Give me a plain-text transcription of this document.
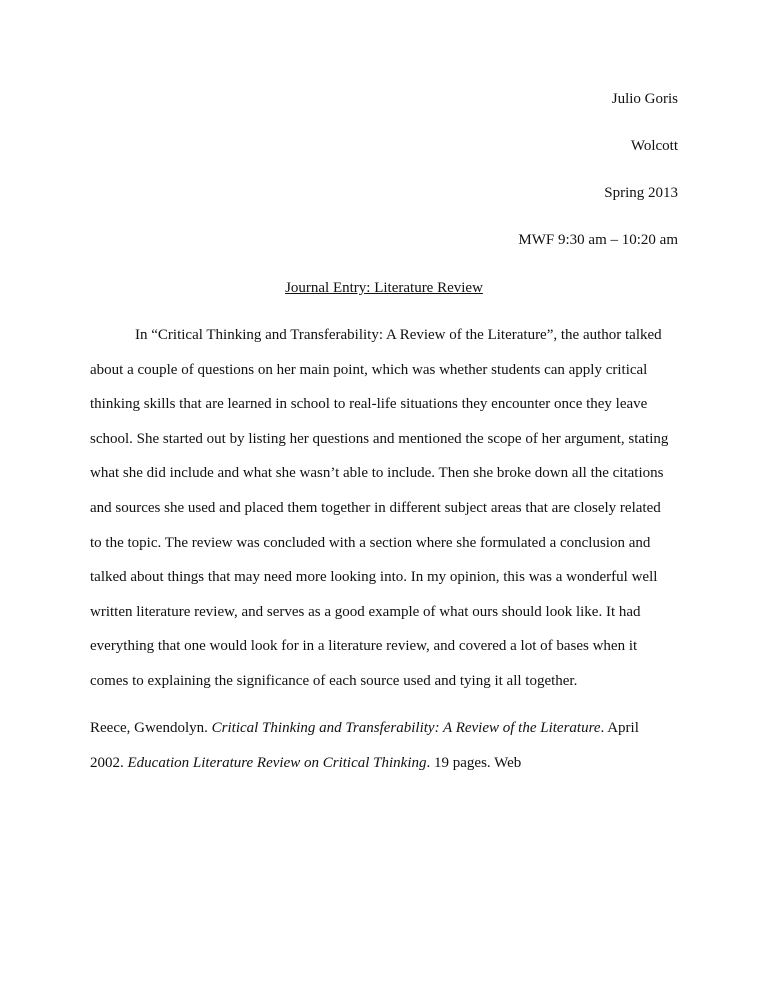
Julio Goris
Wolcott
Spring 2013
MWF 9:30 am – 10:20 am
Journal Entry: Literature Review
In “Critical Thinking and Transferability: A Review of the Literature”, the author talked
about a couple of questions on her main point, which was whether students can apply critical
thinking skills that are learned in school to real-life situations they encounter once they leave
school. She started out by listing her questions and mentioned the scope of her argument, stating
what she did include and what she wasn’t able to include. Then she broke down all the citations
and sources she used and placed them together in different subject areas that are closely related
to the topic. The review was concluded with a section where she formulated a conclusion and
talked about things that may need more looking into. In my opinion, this was a wonderful well
written literature review, and serves as a good example of what ours should look like. It had
everything that one would look for in a literature review, and covered a lot of bases when it
comes to explaining the significance of each source used and tying it all together.
Reece, Gwendolyn. Critical Thinking and Transferability: A Review of the Literature. April
2002. Education Literature Review on Critical Thinking. 19 pages. Web
